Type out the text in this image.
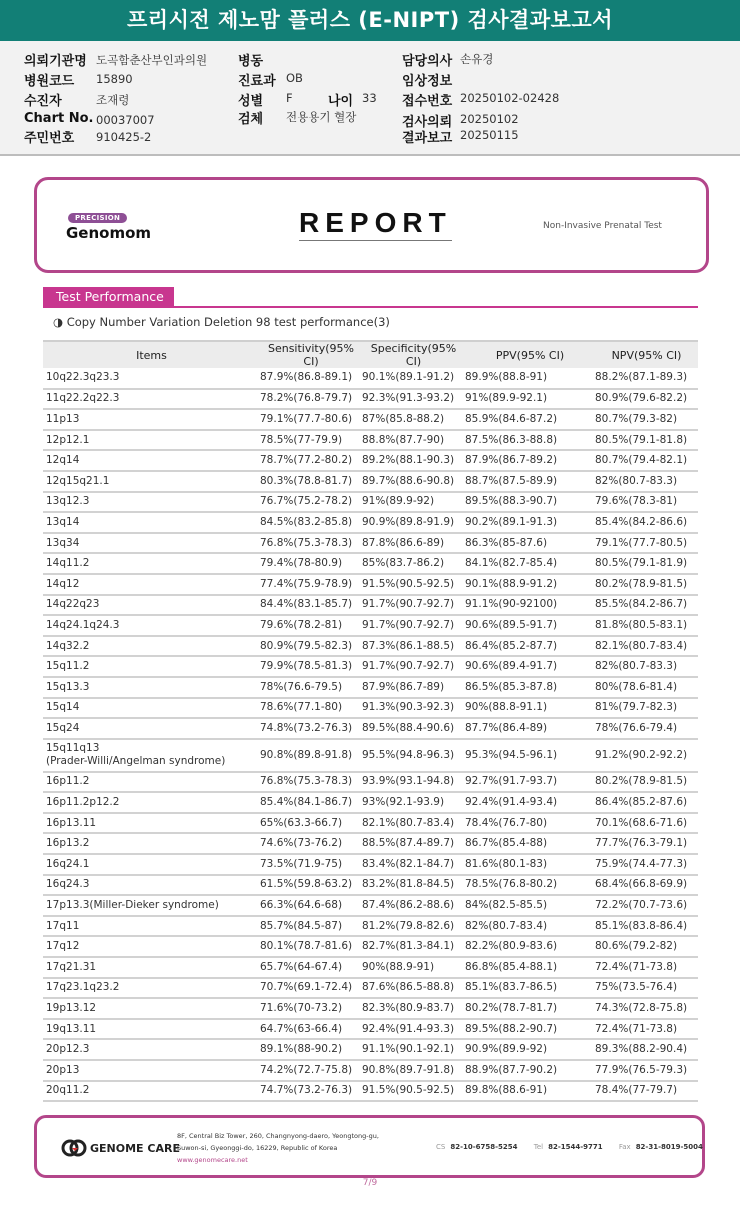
프리시전 제노맘 플러스 (E-NIPT) 검사결과보고서
의뢰기관명 도곡함춘산부인과의원
병원코드 15890
수진자	조재령
Chart No. 00037007
주민번호 910425-2
병동
진료과 OB
성별 F	나이 33
검체 전용용기 혈장
담당의사 손유경
임상정보
접수번호 20250102-02428
검사의뢰 20250102
결과보고 20250115
PRECISION
Genomom	REPORT	Non-Invasive Prenatal Test
Test Performance
◑ Copy Number Variation Deletion 98 test performance(3)
Items	Sensitivity(95% CI)	Specificity(95% CI)	PPV(95% CI)	NPV(95% CI)
10q22.3q23.3	87.9%(86.8-89.1)	90.1%(89.1-91.2)	89.9%(88.8-91)	88.2%(87.1-89.3)
11q22.2q22.3	78.2%(76.8-79.7)	92.3%(91.3-93.2)	91%(89.9-92.1)	80.9%(79.6-82.2)
11p13	79.1%(77.7-80.6)	87%(85.8-88.2)	85.9%(84.6-87.2)	80.7%(79.3-82)
12p12.1	78.5%(77-79.9)	88.8%(87.7-90)	87.5%(86.3-88.8)	80.5%(79.1-81.8)
12q14	78.7%(77.2-80.2)	89.2%(88.1-90.3)	87.9%(86.7-89.2)	80.7%(79.4-82.1)
12q15q21.1	80.3%(78.8-81.7)	89.7%(88.6-90.8)	88.7%(87.5-89.9)	82%(80.7-83.3)
13q12.3	76.7%(75.2-78.2)	91%(89.9-92)	89.5%(88.3-90.7)	79.6%(78.3-81)
13q14	84.5%(83.2-85.8)	90.9%(89.8-91.9)	90.2%(89.1-91.3)	85.4%(84.2-86.6)
13q34	76.8%(75.3-78.3)	87.8%(86.6-89)	86.3%(85-87.6)	79.1%(77.7-80.5)
14q11.2	79.4%(78-80.9)	85%(83.7-86.2)	84.1%(82.7-85.4)	80.5%(79.1-81.9)
14q12	77.4%(75.9-78.9)	91.5%(90.5-92.5)	90.1%(88.9-91.2)	80.2%(78.9-81.5)
14q22q23	84.4%(83.1-85.7)	91.7%(90.7-92.7)	91.1%(90-92100)	85.5%(84.2-86.7)
14q24.1q24.3	79.6%(78.2-81)	91.7%(90.7-92.7)	90.6%(89.5-91.7)	81.8%(80.5-83.1)
14q32.2	80.9%(79.5-82.3)	87.3%(86.1-88.5)	86.4%(85.2-87.7)	82.1%(80.7-83.4)
15q11.2	79.9%(78.5-81.3)	91.7%(90.7-92.7)	90.6%(89.4-91.7)	82%(80.7-83.3)
15q13.3	78%(76.6-79.5)	87.9%(86.7-89)	86.5%(85.3-87.8)	80%(78.6-81.4)
15q14	78.6%(77.1-80)	91.3%(90.3-92.3)	90%(88.8-91.1)	81%(79.7-82.3)
15q24	74.8%(73.2-76.3)	89.5%(88.4-90.6)	87.7%(86.4-89)	78%(76.6-79.4)
15q11q13
(Prader-Willi/Angelman syndrome)	90.8%(89.8-91.8)	95.5%(94.8-96.3)	95.3%(94.5-96.1)	91.2%(90.2-92.2)
16p11.2	76.8%(75.3-78.3)	93.9%(93.1-94.8)	92.7%(91.7-93.7)	80.2%(78.9-81.5)
16p11.2p12.2	85.4%(84.1-86.7)	93%(92.1-93.9)	92.4%(91.4-93.4)	86.4%(85.2-87.6)
16p13.11	65%(63.3-66.7)	82.1%(80.7-83.4)	78.4%(76.7-80)	70.1%(68.6-71.6)
16p13.2	74.6%(73-76.2)	88.5%(87.4-89.7)	86.7%(85.4-88)	77.7%(76.3-79.1)
16q24.1	73.5%(71.9-75)	83.4%(82.1-84.7)	81.6%(80.1-83)	75.9%(74.4-77.3)
16q24.3	61.5%(59.8-63.2)	83.2%(81.8-84.5)	78.5%(76.8-80.2)	68.4%(66.8-69.9)
17p13.3(Miller-Dieker syndrome)	66.3%(64.6-68)	87.4%(86.2-88.6)	84%(82.5-85.5)	72.2%(70.7-73.6)
17q11	85.7%(84.5-87)	81.2%(79.8-82.6)	82%(80.7-83.4)	85.1%(83.8-86.4)
17q12	80.1%(78.7-81.6)	82.7%(81.3-84.1)	82.2%(80.9-83.6)	80.6%(79.2-82)
17q21.31	65.7%(64-67.4)	90%(88.9-91)	86.8%(85.4-88.1)	72.4%(71-73.8)
17q23.1q23.2	70.7%(69.1-72.4)	87.6%(86.5-88.8)	85.1%(83.7-86.5)	75%(73.5-76.4)
19p13.12	71.6%(70-73.2)	82.3%(80.9-83.7)	80.2%(78.7-81.7)	74.3%(72.8-75.8)
19q13.11	64.7%(63-66.4)	92.4%(91.4-93.3)	89.5%(88.2-90.7)	72.4%(71-73.8)
20p12.3	89.1%(88-90.2)	91.1%(90.1-92.1)	90.9%(89.9-92)	89.3%(88.2-90.4)
20p13	74.2%(72.7-75.8)	90.8%(89.7-91.8)	88.9%(87.7-90.2)	77.9%(76.5-79.3)
20q11.2	74.7%(73.2-76.3)	91.5%(90.5-92.5)	89.8%(88.6-91)	78.4%(77-79.7)
GENOME CARE
8F, Central Biz Tower, 260, Changnyong-daero, Yeongtong-gu,
Suwon-si, Gyeonggi-do, 16229, Republic of Korea
www.genomecare.net
CS 82-10-6758-5254 Tel 82-1544-9771 Fax 82-31-8019-5004
7/9
